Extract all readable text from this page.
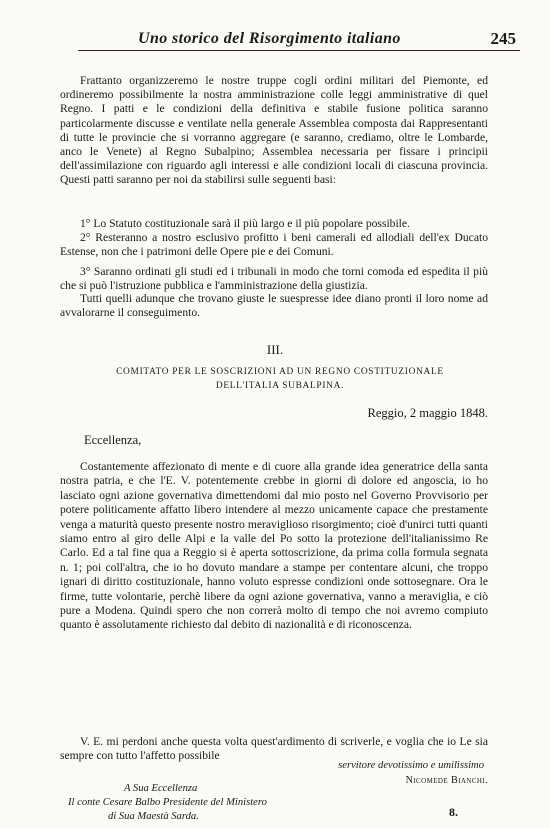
Uno storico del Risorgimento italiano	245

Frattanto organizzeremo le nostre truppe cogli ordini militari del Piemonte, ed ordineremo possibilmente la nostra amministrazione colle leggi amministrative di quel Regno. I patti e le condizioni della definitiva e stabile fusione politica saranno particolarmente discusse e ventilate nella generale Assemblea composta dai Rappresentanti di tutte le provincie che si vorranno aggregare (e saranno, crediamo, oltre le Lombarde, anco le Venete) al Regno Subalpino; Assemblea necessaria per fissare i principii dell'assimilazione con riguardo agli interessi e alle condizioni locali di ciascuna provincia. Questi patti saranno per noi da stabilirsi sulle seguenti basi:

1° Lo Statuto costituzionale sarà il più largo e il più popolare possibile.

2° Resteranno a nostro esclusivo profitto i beni camerali ed allodiali dell'ex Ducato Estense, non che i patrimoni delle Opere pie e dei Comuni.

3° Saranno ordinati gli studi ed i tribunali in modo che torni comoda ed espedita il più che si può l'istruzione pubblica e l'amministrazione della giustizia.

Tutti quelli adunque che trovano giuste le suespresse idee diano pronti il loro nome ad avvalorarne il conseguimento.

III.
COMITATO PER LE SOSCRIZIONI AD UN REGNO COSTITUZIONALE
DELL'ITALIA SUBALPINA.
Reggio, 2 maggio 1848.
Eccellenza,

Costantemente affezionato di mente e di cuore alla grande idea generatrice della santa nostra patria, e che l'E. V. potentemente crebbe in giorni di dolore ed angoscia, io ho lasciato ogni azione governativa dimettendomi dal mio posto nel Governo Provvisorio per potere politicamente affatto libero intendere al mezzo unicamente capace che prestamente venga a maturità questo presente nostro meraviglioso risorgimento; cioè d'unirci tutti quanti siamo entro al giro delle Alpi e la valle del Po sotto la protezione dell'italianissimo Re Carlo. Ed a tal fine qua a Reggio si è aperta sottoscrizione, da prima colla formula segnata n. 1; poi coll'altra, che io ho dovuto mandare a stampe per contentare alcuni, che troppo ignari di diritto costituzionale, hanno voluto espresse condizioni onde sottosegnare. Ora le firme, tutte volontarie, perchè libere da ogni azione governativa, vanno a meraviglia, e ciò pure a Modena. Quindi spero che non correrà molto di tempo che noi avremo compiuto quanto è assolutamente richiesto dal debito di nazionalità e di riconoscenza.

V. E. mi perdoni anche questa volta quest'ardimento di scriverle, e voglia che io Le sia sempre con tutto l'affetto possibile

servitore devotissimo e umilissimo
Nicomede Bianchi.
A Sua Eccellenza
Il conte Cesare Balbo Presidente del Ministero
di Sua Maestà Sarda.	8.
